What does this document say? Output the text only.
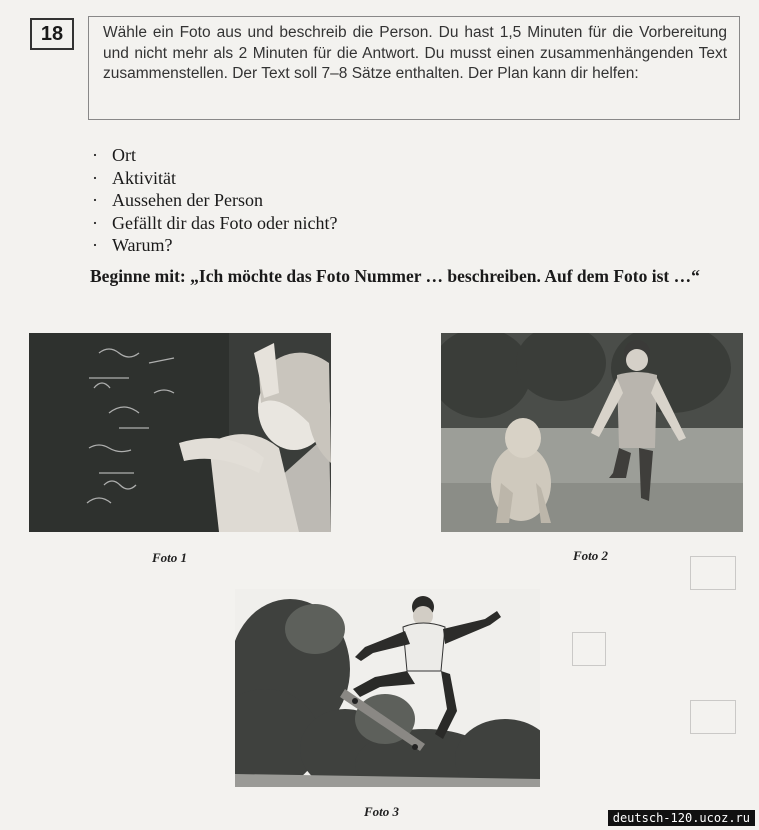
18	Wähle ein Foto aus und beschreib die Person. Du hast 1,5 Minuten für die Vorbereitung und nicht mehr als 2 Minuten für die Antwort. Du musst einen zusammenhängenden Text zusammenstellen. Der Text soll 7–8 Sätze enthalten. Der Plan kann dir helfen:
· Ort
· Aktivität
· Aussehen der Person
· Gefällt dir das Foto oder nicht?
· Warum?
Beginne mit: „Ich möchte das Foto Nummer … beschreiben. Auf dem Foto ist …“
Foto 1	Foto 2
Foto 3	deutsch-120.ucoz.ru
